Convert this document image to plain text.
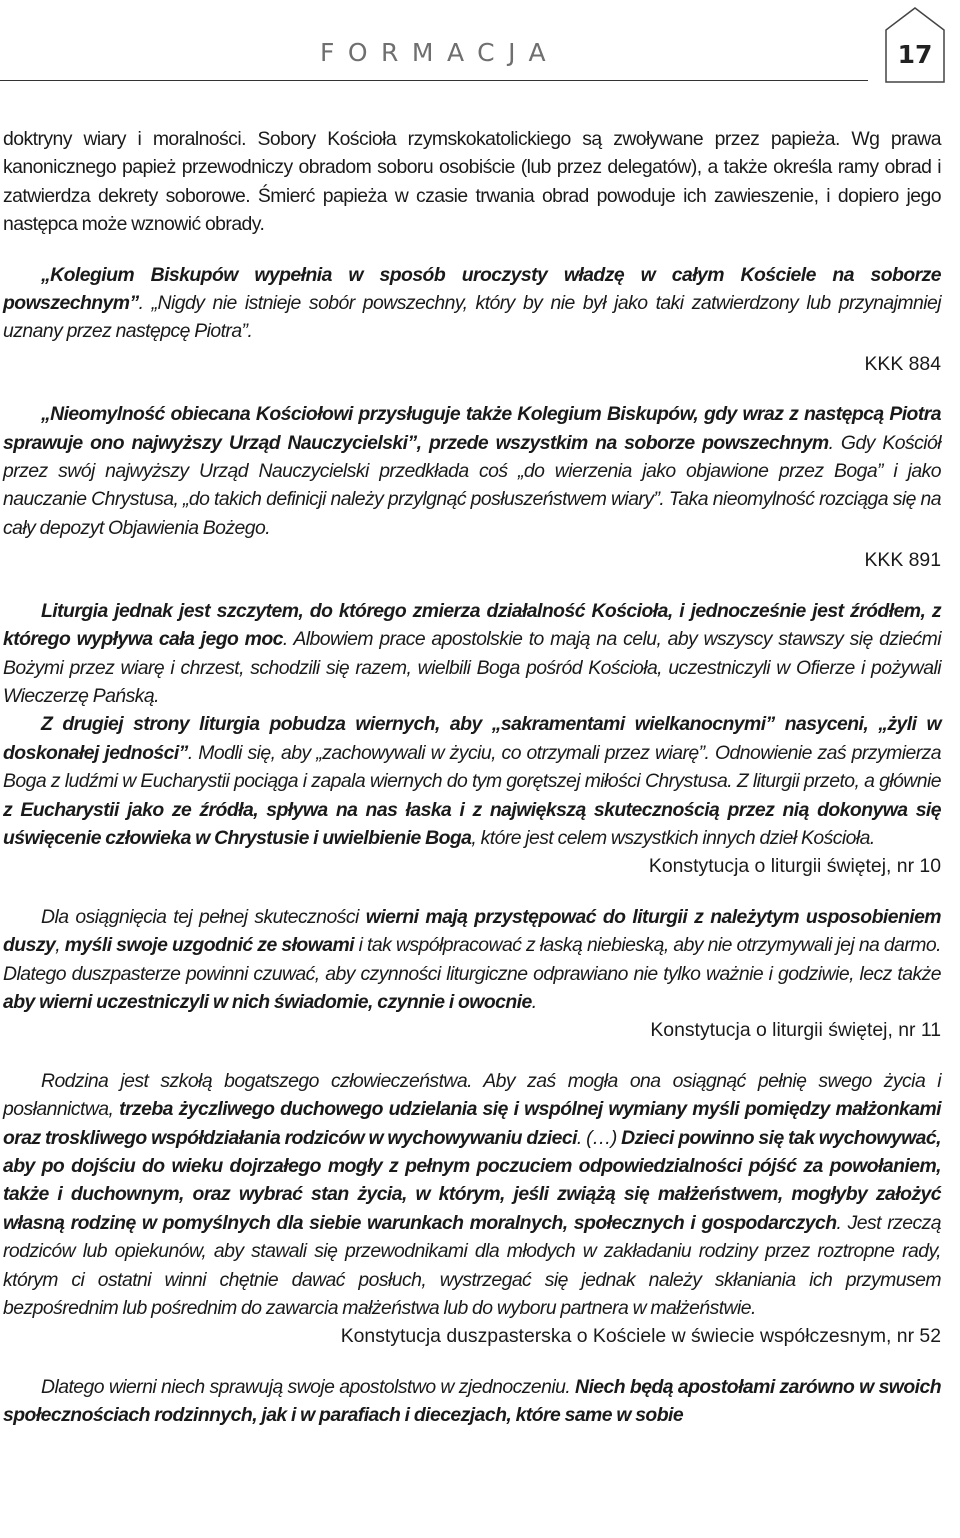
FORMACJA	17

doktryny wiary i moralności. Sobory Kościoła rzymskokatolickiego są zwoływane przez papieża. Wg prawa kanonicznego papież przewodniczy obradom soboru osobiście (lub przez delegatów), a także określa ramy obrad i zatwierdza dekrety soborowe. Śmierć papieża w czasie trwania obrad powoduje ich zawieszenie, i dopiero jego następca może wznowić obrady.

„Kolegium Biskupów wypełnia w sposób uroczysty władzę w całym Kościele na soborze powszechnym”. „Nigdy nie istnieje sobór powszechny, który by nie był jako taki zatwierdzony lub przynajmniej uznany przez następcę Piotra”.

KKK 884

„Nieomylność obiecana Kościołowi przysługuje także Kolegium Biskupów, gdy wraz z następcą Piotra sprawuje ono najwyższy Urząd Nauczycielski”, przede wszystkim na soborze powszechnym. Gdy Kościół przez swój najwyższy Urząd Nauczycielski przedkłada coś „do wierzenia jako objawione przez Boga” i jako nauczanie Chrystusa, „do takich definicji należy przylgnąć posłuszeństwem wiary”. Taka nieomylność rozciąga się na cały depozyt Objawienia Bożego.

KKK 891

Liturgia jednak jest szczytem, do którego zmierza działalność Kościoła, i jednocześnie jest źródłem, z którego wypływa cała jego moc. Albowiem prace apostolskie to mają na celu, aby wszyscy stawszy się dziećmi Bożymi przez wiarę i chrzest, schodzili się razem, wielbili Boga pośród Kościoła, uczestniczyli w Ofierze i pożywali Wieczerzę Pańską.

Z drugiej strony liturgia pobudza wiernych, aby „sakramentami wielkanocnymi” nasyceni, „żyli w doskonałej jedności”. Modli się, aby „zachowywali w życiu, co otrzymali przez wiarę”. Odnowienie zaś przymierza Boga z ludźmi w Eucharystii pociąga i zapala wiernych do tym gorętszej miłości Chrystusa. Z liturgii przeto, a głównie z Eucharystii jako ze źródła, spływa na nas łaska i z największą skutecznością przez nią dokonywa się uświęcenie człowieka w Chrystusie i uwielbienie Boga, które jest celem wszystkich innych dzieł Kościoła.

Konstytucja o liturgii świętej, nr 10

Dla osiągnięcia tej pełnej skuteczności wierni mają przystępować do liturgii z należytym usposobieniem duszy, myśli swoje uzgodnić ze słowami i tak współpracować z łaską niebieską, aby nie otrzymywali jej na darmo. Dlatego duszpasterze powinni czuwać, aby czynności liturgiczne odprawiano nie tylko ważnie i godziwie, lecz także aby wierni uczestniczyli w nich świadomie, czynnie i owocnie.

Konstytucja o liturgii świętej, nr 11

Rodzina jest szkołą bogatszego człowieczeństwa. Aby zaś mogła ona osiągnąć pełnię swego życia i posłannictwa, trzeba życzliwego duchowego udzielania się i wspólnej wymiany myśli pomiędzy małżonkami oraz troskliwego współdziałania rodziców w wychowywaniu dzieci. (…) Dzieci powinno się tak wychowywać, aby po dojściu do wieku dojrzałego mogły z pełnym poczuciem odpowiedzialności pójść za powołaniem, także i duchownym, oraz wybrać stan życia, w którym, jeśli zwiążą się małżeństwem, mogłyby założyć własną rodzinę w pomyślnych dla siebie warunkach moralnych, społecznych i gospodarczych. Jest rzeczą rodziców lub opiekunów, aby stawali się przewodnikami dla młodych w zakładaniu rodziny przez roztropne rady, którym ci ostatni winni chętnie dawać posłuch, wystrzegać się jednak należy skłaniania ich przymusem bezpośrednim lub pośrednim do zawarcia małżeństwa lub do wyboru partnera w małżeństwie.

Konstytucja duszpasterska o Kościele w świecie współczesnym, nr 52

Dlatego wierni niech sprawują swoje apostolstwo w zjednoczeniu. Niech będą apostołami zarówno w swoich społecznościach rodzinnych, jak i w parafiach i diecezjach, które same w sobie
